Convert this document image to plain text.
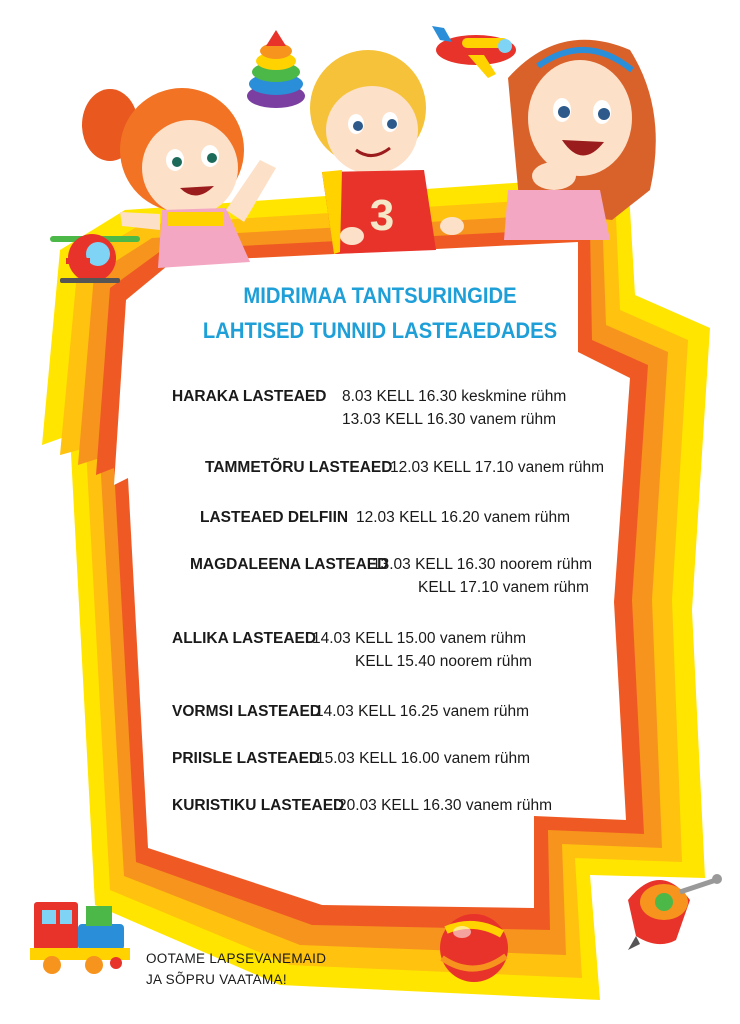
3
MIDRIMAA TANTSURINGIDE
LAHTISED TUNNID LASTEAEDADES
HARAKA LASTEAED 8.03 KELL 16.30 keskmine rühm
13.03 KELL 16.30 vanem rühm
TAMMETÕRU LASTEAED
12.03 KELL 17.10 vanem rühm
LASTEAED DELFIIN 12.03 KELL 16.20 vanem rühm
MAGDALEENA LASTEAED
13.03 KELL 16.30 noorem rühm
KELL 17.10 vanem rühm
ALLIKA LASTEAED
14.03 KELL 15.00 vanem rühm
KELL 15.40 noorem rühm
VORMSI LASTEAED
14.03 KELL 16.25 vanem rühm
PRIISLE LASTEAED
15.03 KELL 16.00 vanem rühm
KURISTIKU LASTEAED
20.03 KELL 16.30 vanem rühm
OOTAME LAPSEVANEMAID
JA SÕPRU VAATAMA!
